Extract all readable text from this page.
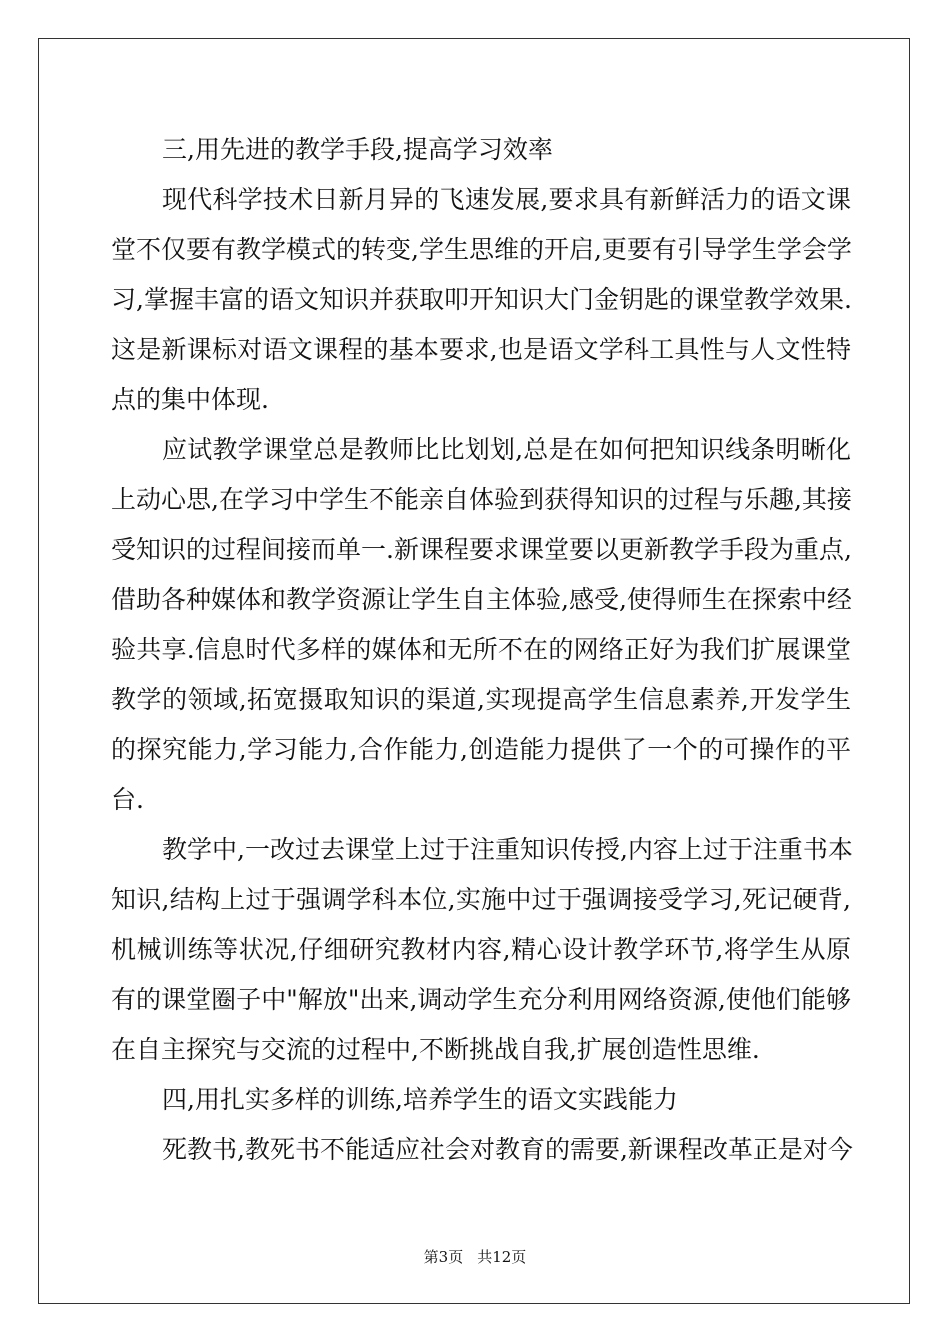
三,用先进的教学手段,提高学习效率
现代科学技术日新月异的飞速发展,要求具有新鲜活力的语文课
堂不仅要有教学模式的转变,学生思维的开启,更要有引导学生学会学
习,掌握丰富的语文知识并获取叩开知识大门金钥匙的课堂教学效果.
这是新课标对语文课程的基本要求,也是语文学科工具性与人文性特
点的集中体现.
应试教学课堂总是教师比比划划,总是在如何把知识线条明晰化
上动心思,在学习中学生不能亲自体验到获得知识的过程与乐趣,其接
受知识的过程间接而单一.新课程要求课堂要以更新教学手段为重点,
借助各种媒体和教学资源让学生自主体验,感受,使得师生在探索中经
验共享.信息时代多样的媒体和无所不在的网络正好为我们扩展课堂
教学的领域,拓宽摄取知识的渠道,实现提高学生信息素养,开发学生
的探究能力,学习能力,合作能力,创造能力提供了一个的可操作的平
台.
教学中,一改过去课堂上过于注重知识传授,内容上过于注重书本
知识,结构上过于强调学科本位,实施中过于强调接受学习,死记硬背,
机械训练等状况,仔细研究教材内容,精心设计教学环节,将学生从原
有的课堂圈子中"解放"出来,调动学生充分利用网络资源,使他们能够
在自主探究与交流的过程中,不断挑战自我,扩展创造性思维.
四,用扎实多样的训练,培养学生的语文实践能力
死教书,教死书不能适应社会对教育的需要,新课程改革正是对今
第3页 共12页
